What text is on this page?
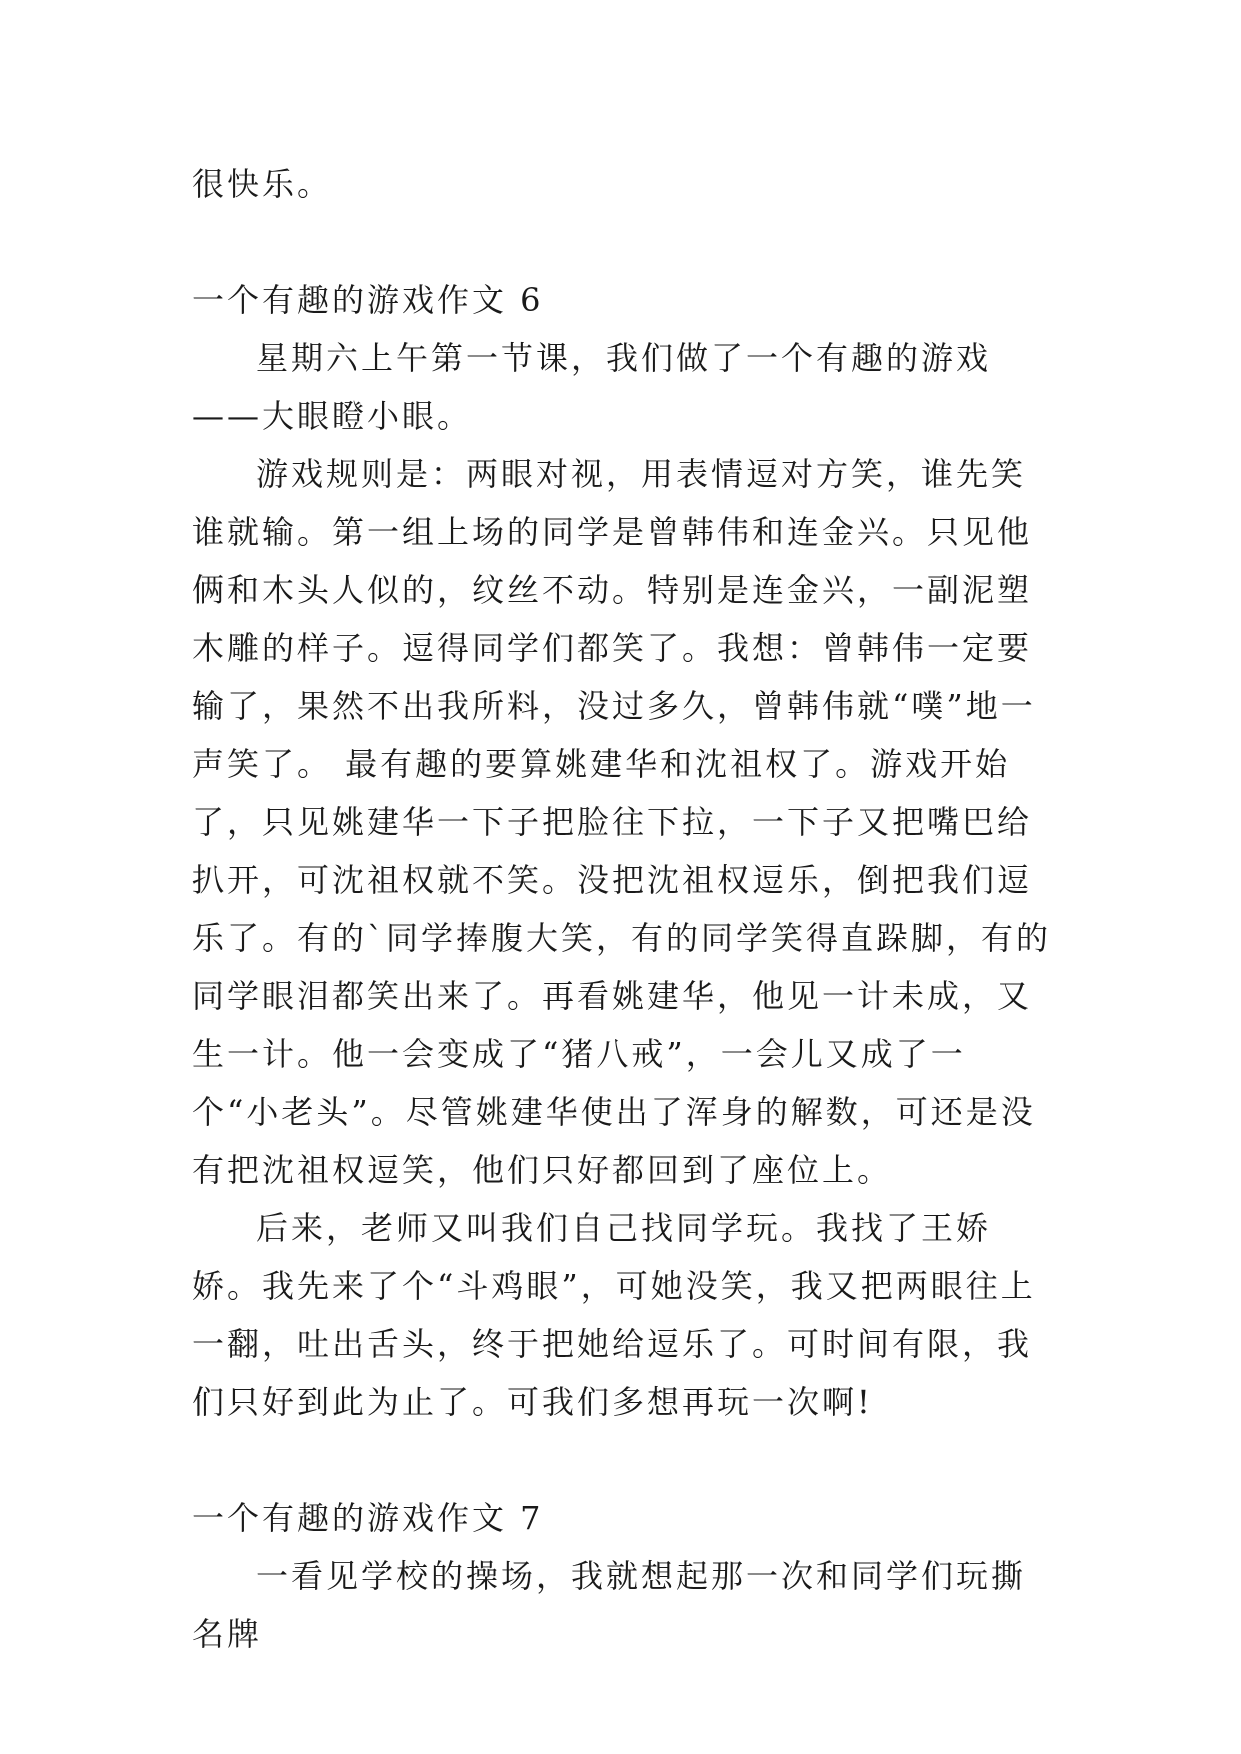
很快乐。

一个有趣的游戏作文 6

星期六上午第一节课，我们做了一个有趣的游戏——大眼瞪小眼。

游戏规则是：两眼对视，用表情逗对方笑，谁先笑谁就输。第一组上场的同学是曾韩伟和连金兴。只见他俩和木头人似的，纹丝不动。特别是连金兴，一副泥塑木雕的样子。逗得同学们都笑了。我想：曾韩伟一定要输了，果然不出我所料，没过多久，曾韩伟就“噗”地一声笑了。 最有趣的要算姚建华和沈祖权了。游戏开始了，只见姚建华一下子把脸往下拉，一下子又把嘴巴给扒开，可沈祖权就不笑。没把沈祖权逗乐，倒把我们逗乐了。有的`同学捧腹大笑，有的同学笑得直跺脚，有的同学眼泪都笑出来了。再看姚建华，他见一计未成，又生一计。他一会变成了“猪八戒”，一会儿又成了一个“小老头”。尽管姚建华使出了浑身的解数，可还是没有把沈祖权逗笑，他们只好都回到了座位上。

后来，老师又叫我们自己找同学玩。我找了王娇娇。我先来了个“斗鸡眼”，可她没笑，我又把两眼往上一翻，吐出舌头，终于把她给逗乐了。可时间有限，我们只好到此为止了。可我们多想再玩一次啊!

一个有趣的游戏作文 7

一看见学校的操场，我就想起那一次和同学们玩撕名牌
